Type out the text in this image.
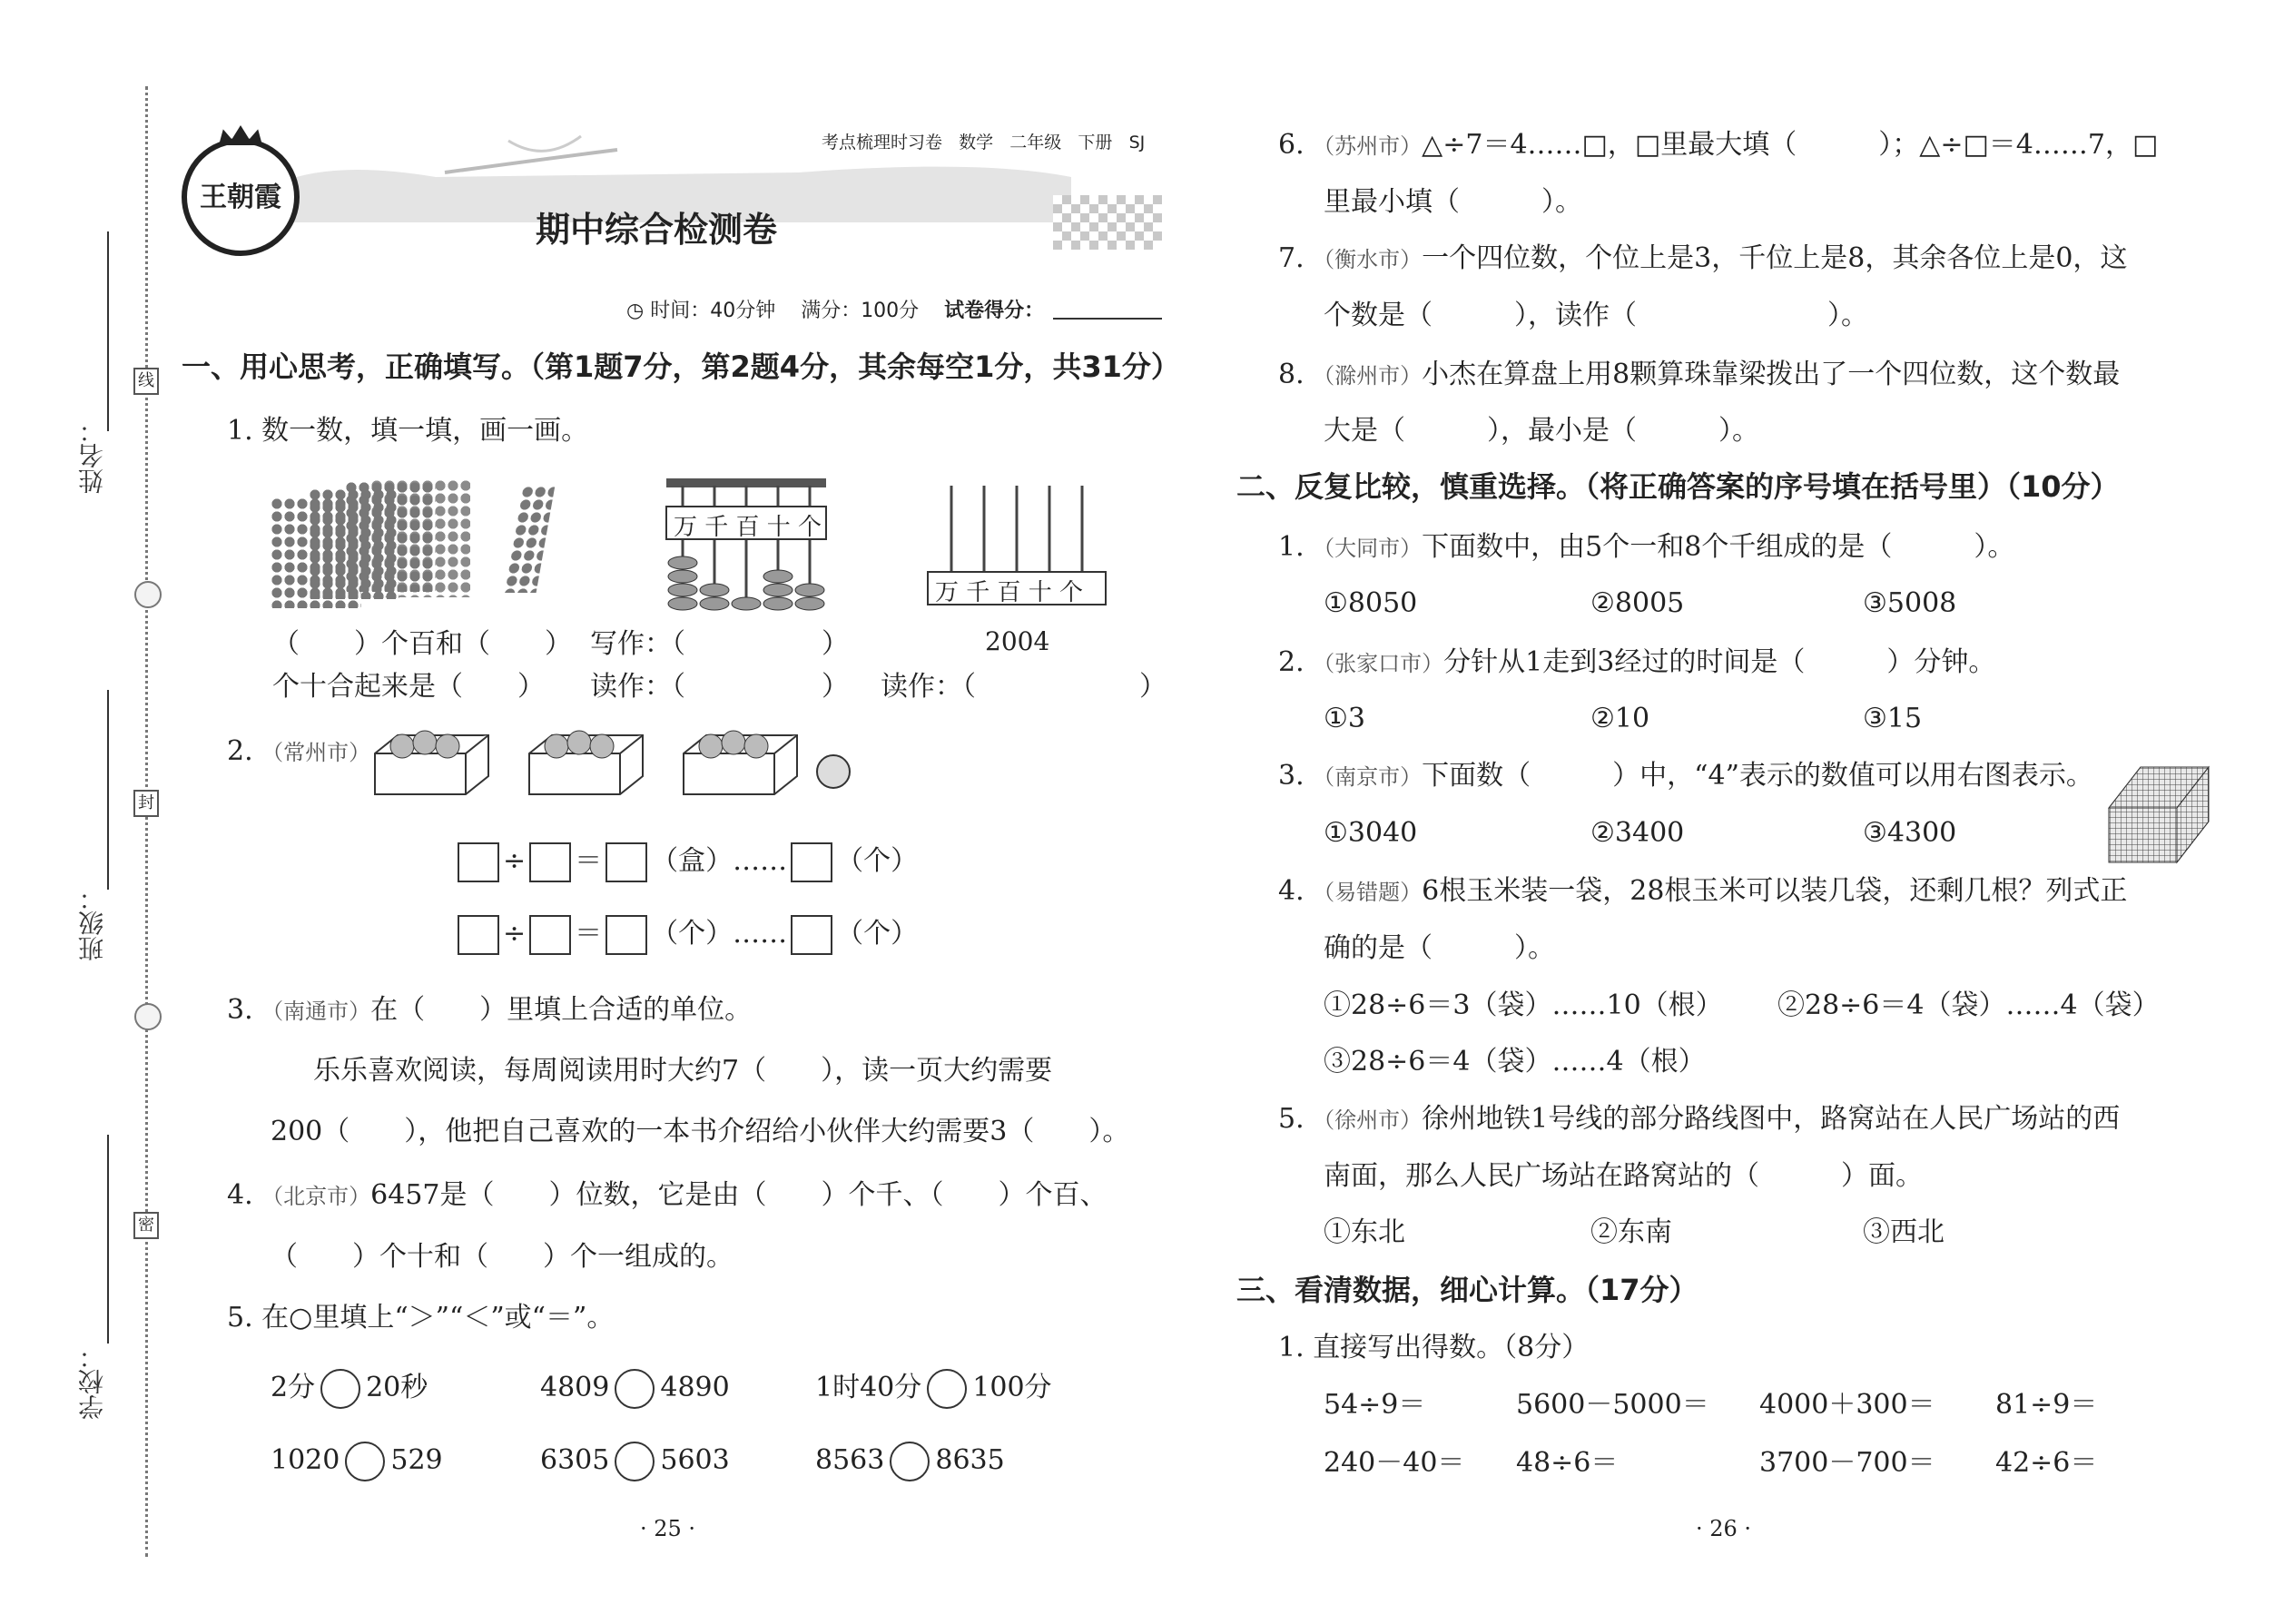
姓名：
班级：
学校：
线
封
密
王朝霞
考点梳理时习卷 数学 二年级 下册 SJ
期中综合检测卷
◷ 时间：40分钟 满分：100分 试卷得分：
一、用心思考，正确填写。（第1题7分，第2题4分，其余每空1分，共31分）
1. 数一数，填一填，画一画。
万 千 百 十 个
万 千 百 十 个
2004
（　　）个百和（　　）
个十合起来是（　　）
写作：（　　　　　）
读作：（　　　　　） 读作：（　　　　　　）
2. （常州市）
÷ ＝ （盒）…… （个）
÷ ＝ （个）…… （个）
3. （南通市）在（　　）里填上合适的单位。
乐乐喜欢阅读，每周阅读用时大约7（　　），读一页大约需要
200（　　），他把自己喜欢的一本书介绍给小伙伴大约需要3（　　）。
4. （北京市）6457是（　　）位数，它是由（　　）个千、（　　）个百、
（　　）个十和（　　）个一组成的。
5. 在○里填上“＞”“＜”或“＝”。
2分 20秒	4809 4890	1时40分 100分
1020 529	6305 5603	8563 8635
· 25 ·
6. （苏州市）△÷7＝4……□，□里最大填（　　　）；△÷□＝4……7，□
里最小填（　　　）。
7. （衡水市）一个四位数，个位上是3，千位上是8，其余各位上是0，这
个数是（　　　），读作（　　　　　　　）。
8. （滁州市）小杰在算盘上用8颗算珠靠梁拨出了一个四位数，这个数最
大是（　　　），最小是（　　　）。
二、反复比较，慎重选择。（将正确答案的序号填在括号里）（10分）
1. （大同市）下面数中，由5个一和8个千组成的是（　　　）。
①8050	②8005	③5008
2. （张家口市）分针从1走到3经过的时间是（　　　）分钟。
①3	②10	③15
3. （南京市）下面数（　　　）中，“4”表示的数值可以用右图表示。
①3040	②3400	③4300
4. （易错题）6根玉米装一袋，28根玉米可以装几袋，还剩几根？列式正
确的是（　　　）。
①28÷6＝3（袋）……10（根） ②28÷6＝4（袋）……4（袋）
③28÷6＝4（袋）……4（根）
5. （徐州市）徐州地铁1号线的部分路线图中，路窝站在人民广场站的西
南面，那么人民广场站在路窝站的（　　　）面。
①东北	②东南	③西北
三、看清数据，细心计算。（17分）
1. 直接写出得数。（8分）
54÷9＝	5600－5000＝ 4000＋300＝ 81÷9＝
240－40＝ 48÷6＝	3700－700＝ 42÷6＝
· 26 ·
